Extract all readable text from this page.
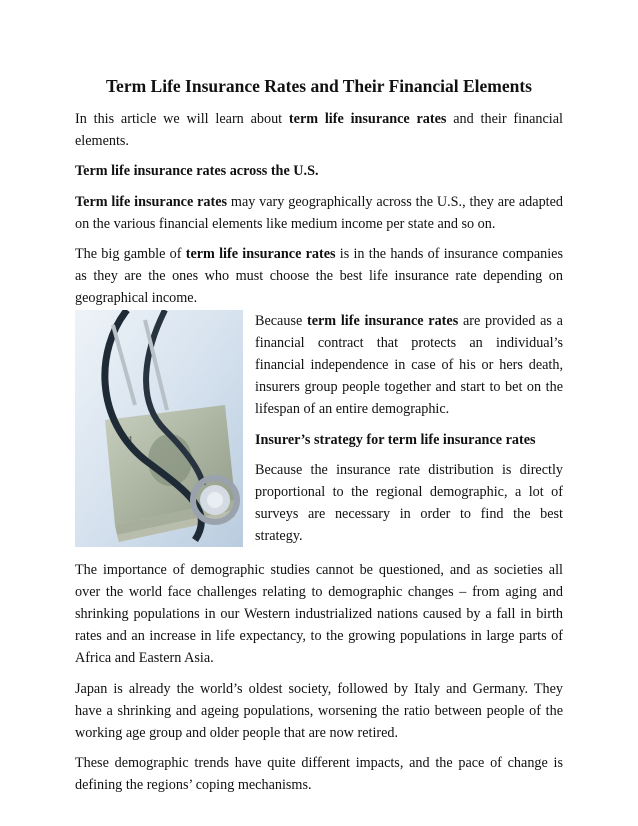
Term Life Insurance Rates and Their Financial Elements

In this article we will learn about term life insurance rates and their financial elements.

Term life insurance rates across the U.S.

Term life insurance rates may vary geographically across the U.S., they are adapted on the various financial elements like medium income per state and so on.

The big gamble of term life insurance rates is in the hands of insurance companies as they are the ones who must choose the best life insurance rate depending on geographical income.

1

Because term life insurance rates are provided as a financial contract that protects an individual’s financial independence in case of his or hers death, insurers group people together and start to bet on the lifespan of an entire demographic.

Insurer’s strategy for term life insurance rates

Because the insurance rate distribution is directly proportional to the regional demographic, a lot of surveys are necessary in order to find the best strategy.

The importance of demographic studies cannot be questioned, and as societies all over the world face challenges relating to demographic changes – from aging and shrinking populations in our Western industrialized nations caused by a fall in birth rates and an increase in life expectancy, to the growing populations in large parts of Africa and Eastern Asia.

Japan is already the world’s oldest society, followed by Italy and Germany. They have a shrinking and ageing populations, worsening the ratio between people of the working age group and older people that are now retired.

These demographic trends have quite different impacts, and the pace of change is defining the regions’ coping mechanisms.
